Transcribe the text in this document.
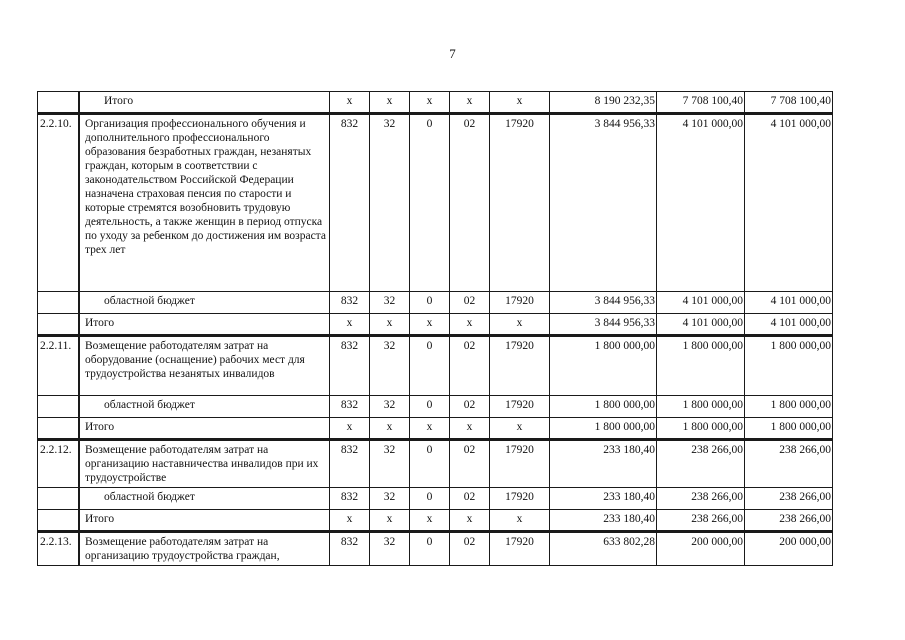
7
	Итого	х	х	х	х	х	8 190 232,35	7 708 100,40	7 708 100,40
2.2.10.	Организация профессионального обучения и дополнительного профессионального образования безработных граждан, незанятых граждан, которым в соответствии с законодательством Российской Федерации назначена страховая пенсия по старости и которые стремятся возобновить трудовую деятельность, а также женщин в период отпуска по уходу за ребенком до достижения им возраста трех лет	832	32	0	02	17920	3 844 956,33	4 101 000,00	4 101 000,00
	областной бюджет	832	32	0	02	17920	3 844 956,33	4 101 000,00	4 101 000,00
	Итого	х	х	х	х	х	3 844 956,33	4 101 000,00	4 101 000,00
2.2.11.	Возмещение работодателям затрат на оборудование (оснащение) рабочих мест для трудоустройства незанятых инвалидов	832	32	0	02	17920	1 800 000,00	1 800 000,00	1 800 000,00
	областной бюджет	832	32	0	02	17920	1 800 000,00	1 800 000,00	1 800 000,00
	Итого	х	х	х	х	х	1 800 000,00	1 800 000,00	1 800 000,00
2.2.12.	Возмещение работодателям затрат на организацию наставничества инвалидов при их трудоустройстве	832	32	0	02	17920	233 180,40	238 266,00	238 266,00
	областной бюджет	832	32	0	02	17920	233 180,40	238 266,00	238 266,00
	Итого	х	х	х	х	х	233 180,40	238 266,00	238 266,00
2.2.13.	Возмещение работодателям затрат на организацию трудоустройства граждан,	832	32	0	02	17920	633 802,28	200 000,00	200 000,00
